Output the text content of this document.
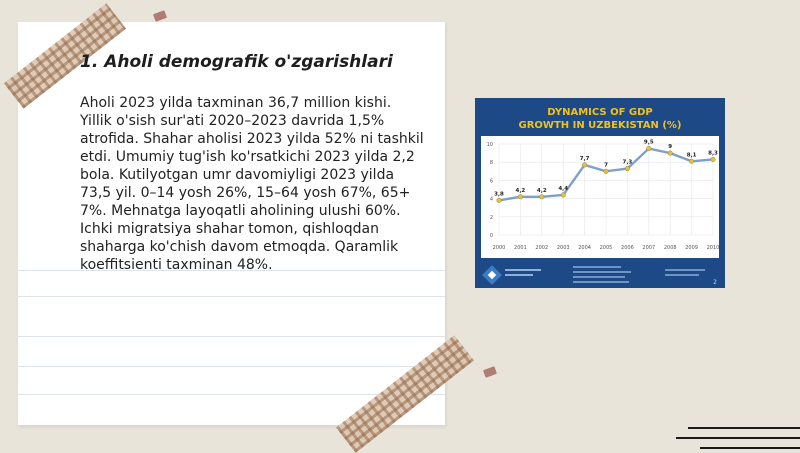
1. Aholi demografik o'zgarishlari

Aholi 2023 yilda taxminan 36,7 million kishi. Yillik o'sish sur'ati 2020–2023 davrida 1,5% atrofida. Shahar aholisi 2023 yilda 52% ni tashkil etdi. Umumiy tug'ish ko'rsatkichi 2023 yilda 2,2 bola. Kutilyotgan umr davomiyligi 2023 yilda 73,5 yil. 0–14 yosh 26%, 15–64 yosh 67%, 65+ 7%. Mehnatga layoqatli aholining ulushi 60%. Ichki migratsiya shahar tomon, qishloqdan shaharga ko'chish davom etmoqda. Qaramlik koeffitsienti taxminan 48%.

DYNAMICS OF GDP
GROWTH IN UZBEKISTAN (%)
0
2
4
6
8
10
2000 2001 2002 2003 2004 2005 2006 2007 2008 2009 2010
3,8
4,2 4,2 4,4
7,7
7	7,3
9,5
9
8,1 8,3
2
